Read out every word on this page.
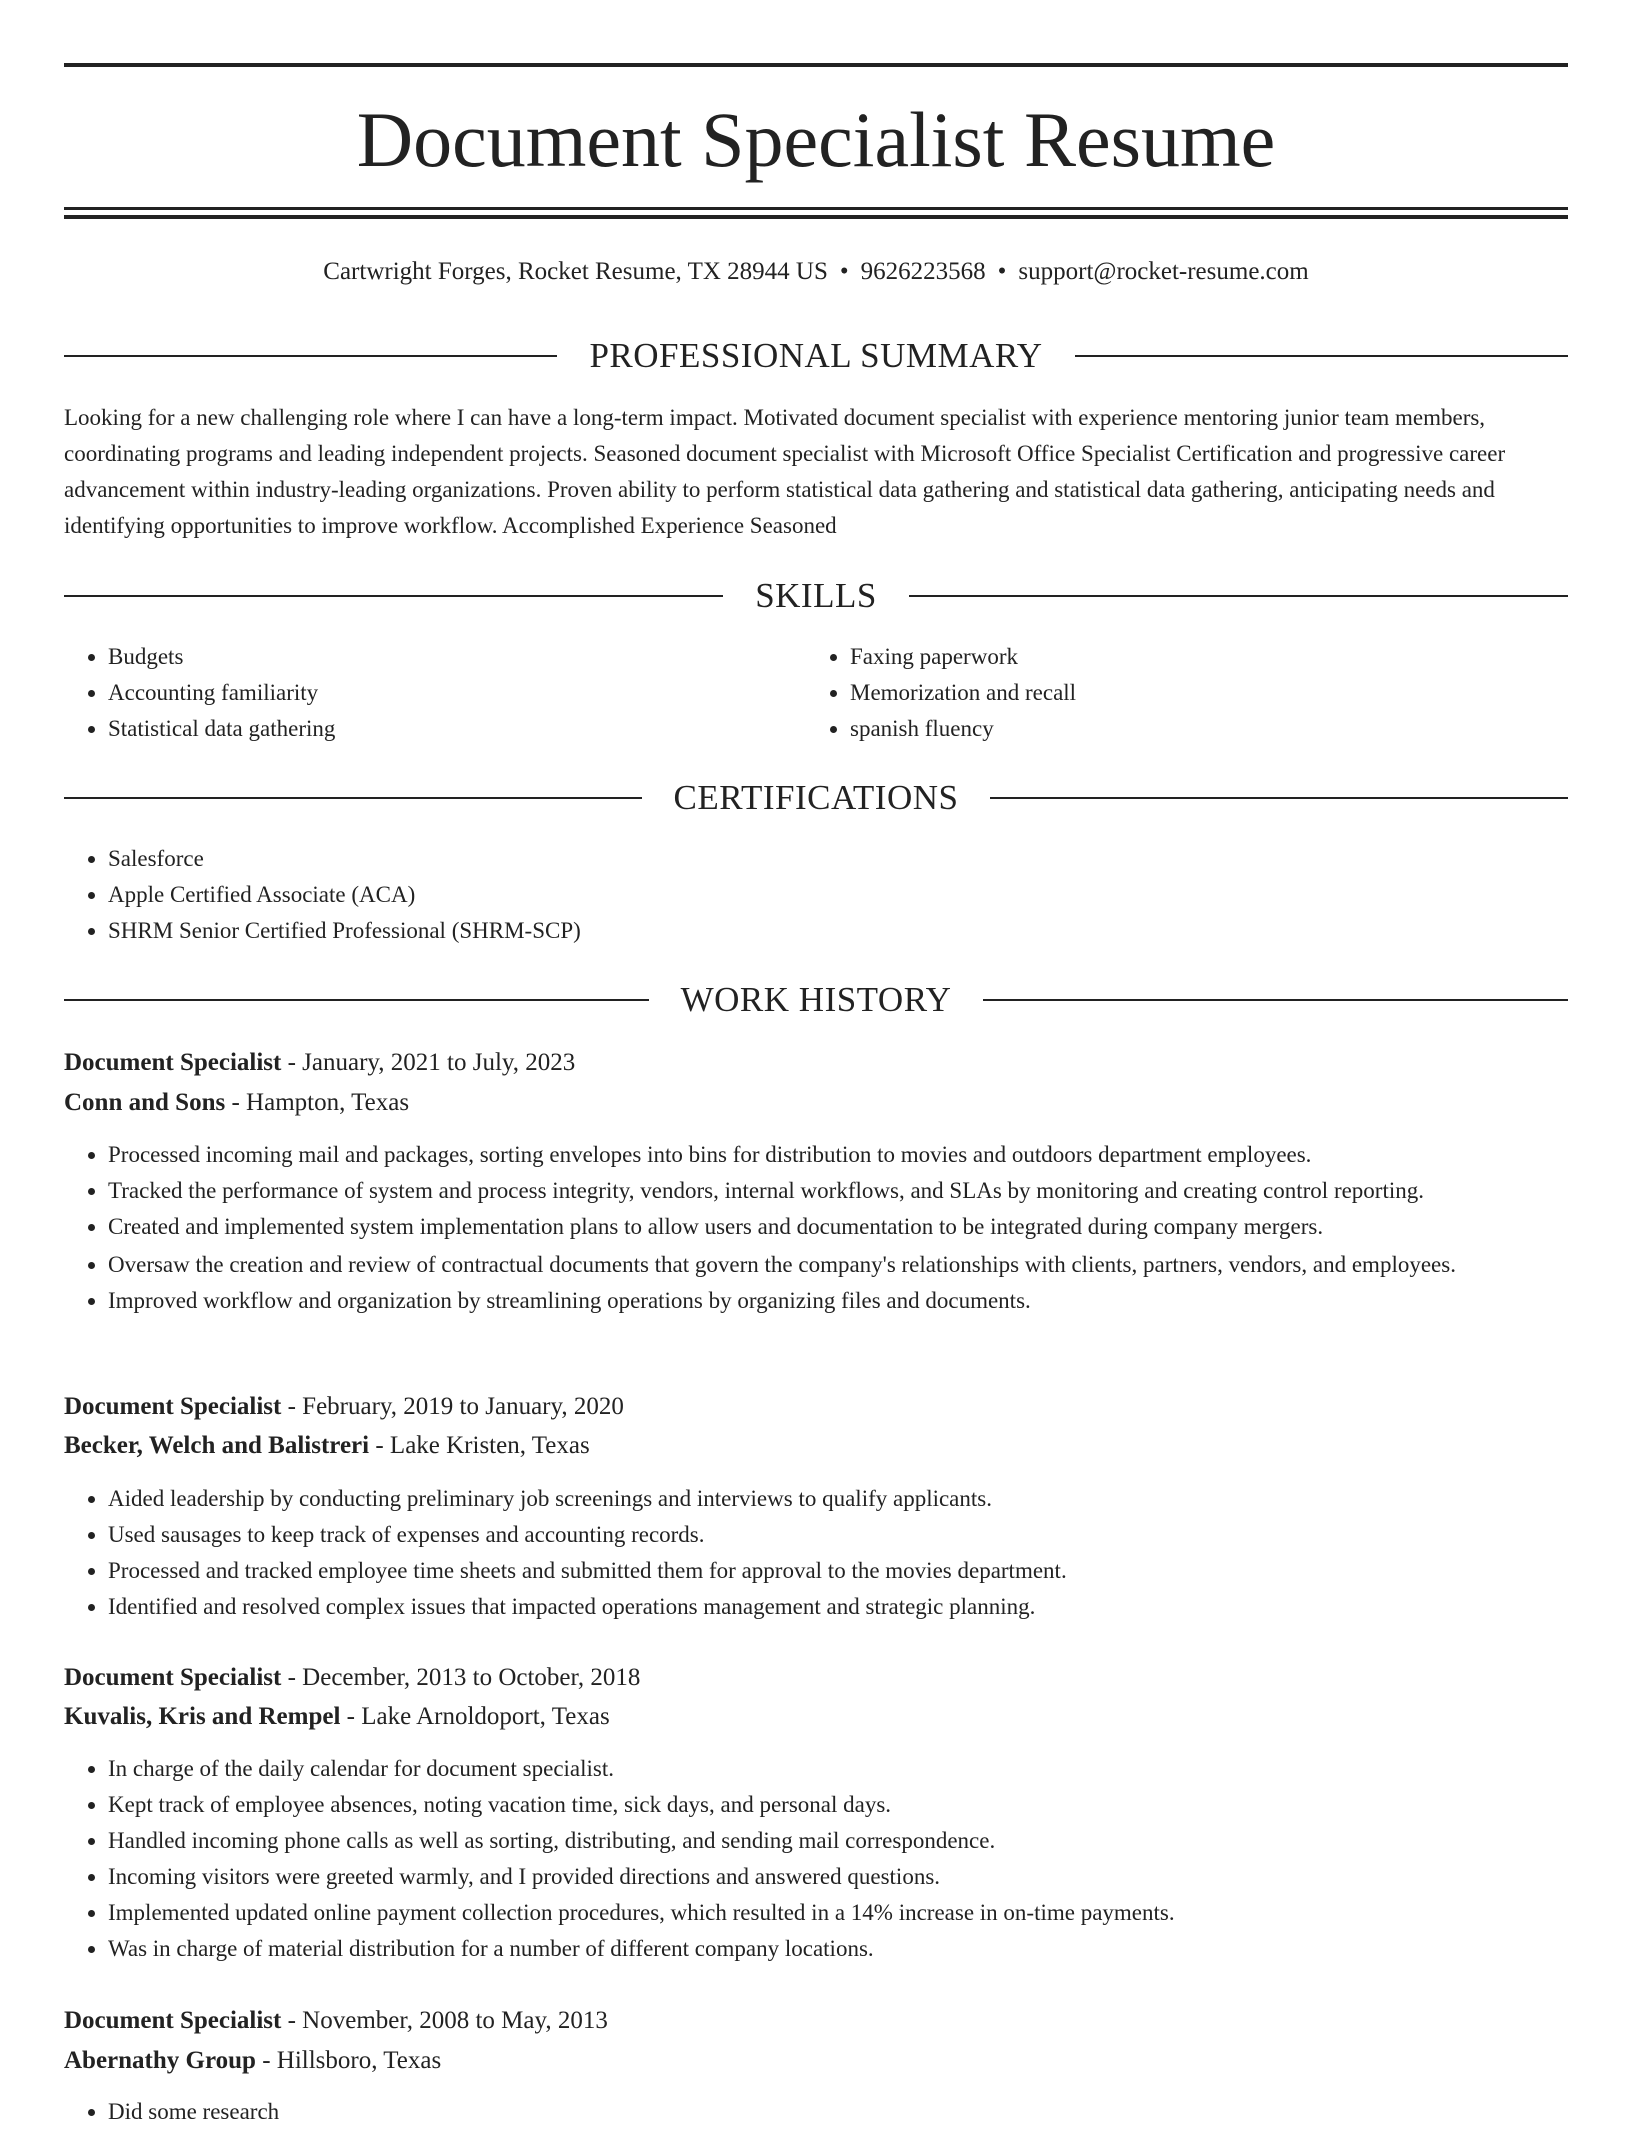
Document Specialist Resume
Cartwright Forges, Rocket Resume, TX 28944 US • 9626223568 • support@rocket-resume.com
PROFESSIONAL SUMMARY

Looking for a new challenging role where I can have a long-term impact. Motivated document specialist with experience mentoring junior team members, coordinating programs and leading independent projects. Seasoned document specialist with Microsoft Office Specialist Certification and progressive career advancement within industry-leading organizations. Proven ability to perform statistical data gathering and statistical data gathering, anticipating needs and identifying opportunities to improve workflow. Accomplished Experience Seasoned

SKILLS
• Budgets
• Accounting familiarity
• Statistical data gathering
• Faxing paperwork
• Memorization and recall
• spanish fluency
CERTIFICATIONS
• Salesforce
• Apple Certified Associate (ACA)
• SHRM Senior Certified Professional (SHRM-SCP)
WORK HISTORY
Document Specialist - January, 2021 to July, 2023
Conn and Sons - Hampton, Texas
• Processed incoming mail and packages, sorting envelopes into bins for distribution to movies and outdoors department employees.
• Tracked the performance of system and process integrity, vendors, internal workflows, and SLAs by monitoring and creating control reporting.
• Created and implemented system implementation plans to allow users and documentation to be integrated during company mergers.
• Oversaw the creation and review of contractual documents that govern the company's relationships with clients, partners, vendors, and employees.
• Improved workflow and organization by streamlining operations by organizing files and documents.
Document Specialist - February, 2019 to January, 2020
Becker, Welch and Balistreri - Lake Kristen, Texas
• Aided leadership by conducting preliminary job screenings and interviews to qualify applicants.
• Used sausages to keep track of expenses and accounting records.
• Processed and tracked employee time sheets and submitted them for approval to the movies department.
• Identified and resolved complex issues that impacted operations management and strategic planning.
Document Specialist - December, 2013 to October, 2018
Kuvalis, Kris and Rempel - Lake Arnoldoport, Texas
• In charge of the daily calendar for document specialist.
• Kept track of employee absences, noting vacation time, sick days, and personal days.
• Handled incoming phone calls as well as sorting, distributing, and sending mail correspondence.
• Incoming visitors were greeted warmly, and I provided directions and answered questions.
• Implemented updated online payment collection procedures, which resulted in a 14% increase in on-time payments.
• Was in charge of material distribution for a number of different company locations.
Document Specialist - November, 2008 to May, 2013
Abernathy Group - Hillsboro, Texas
• Did some research
